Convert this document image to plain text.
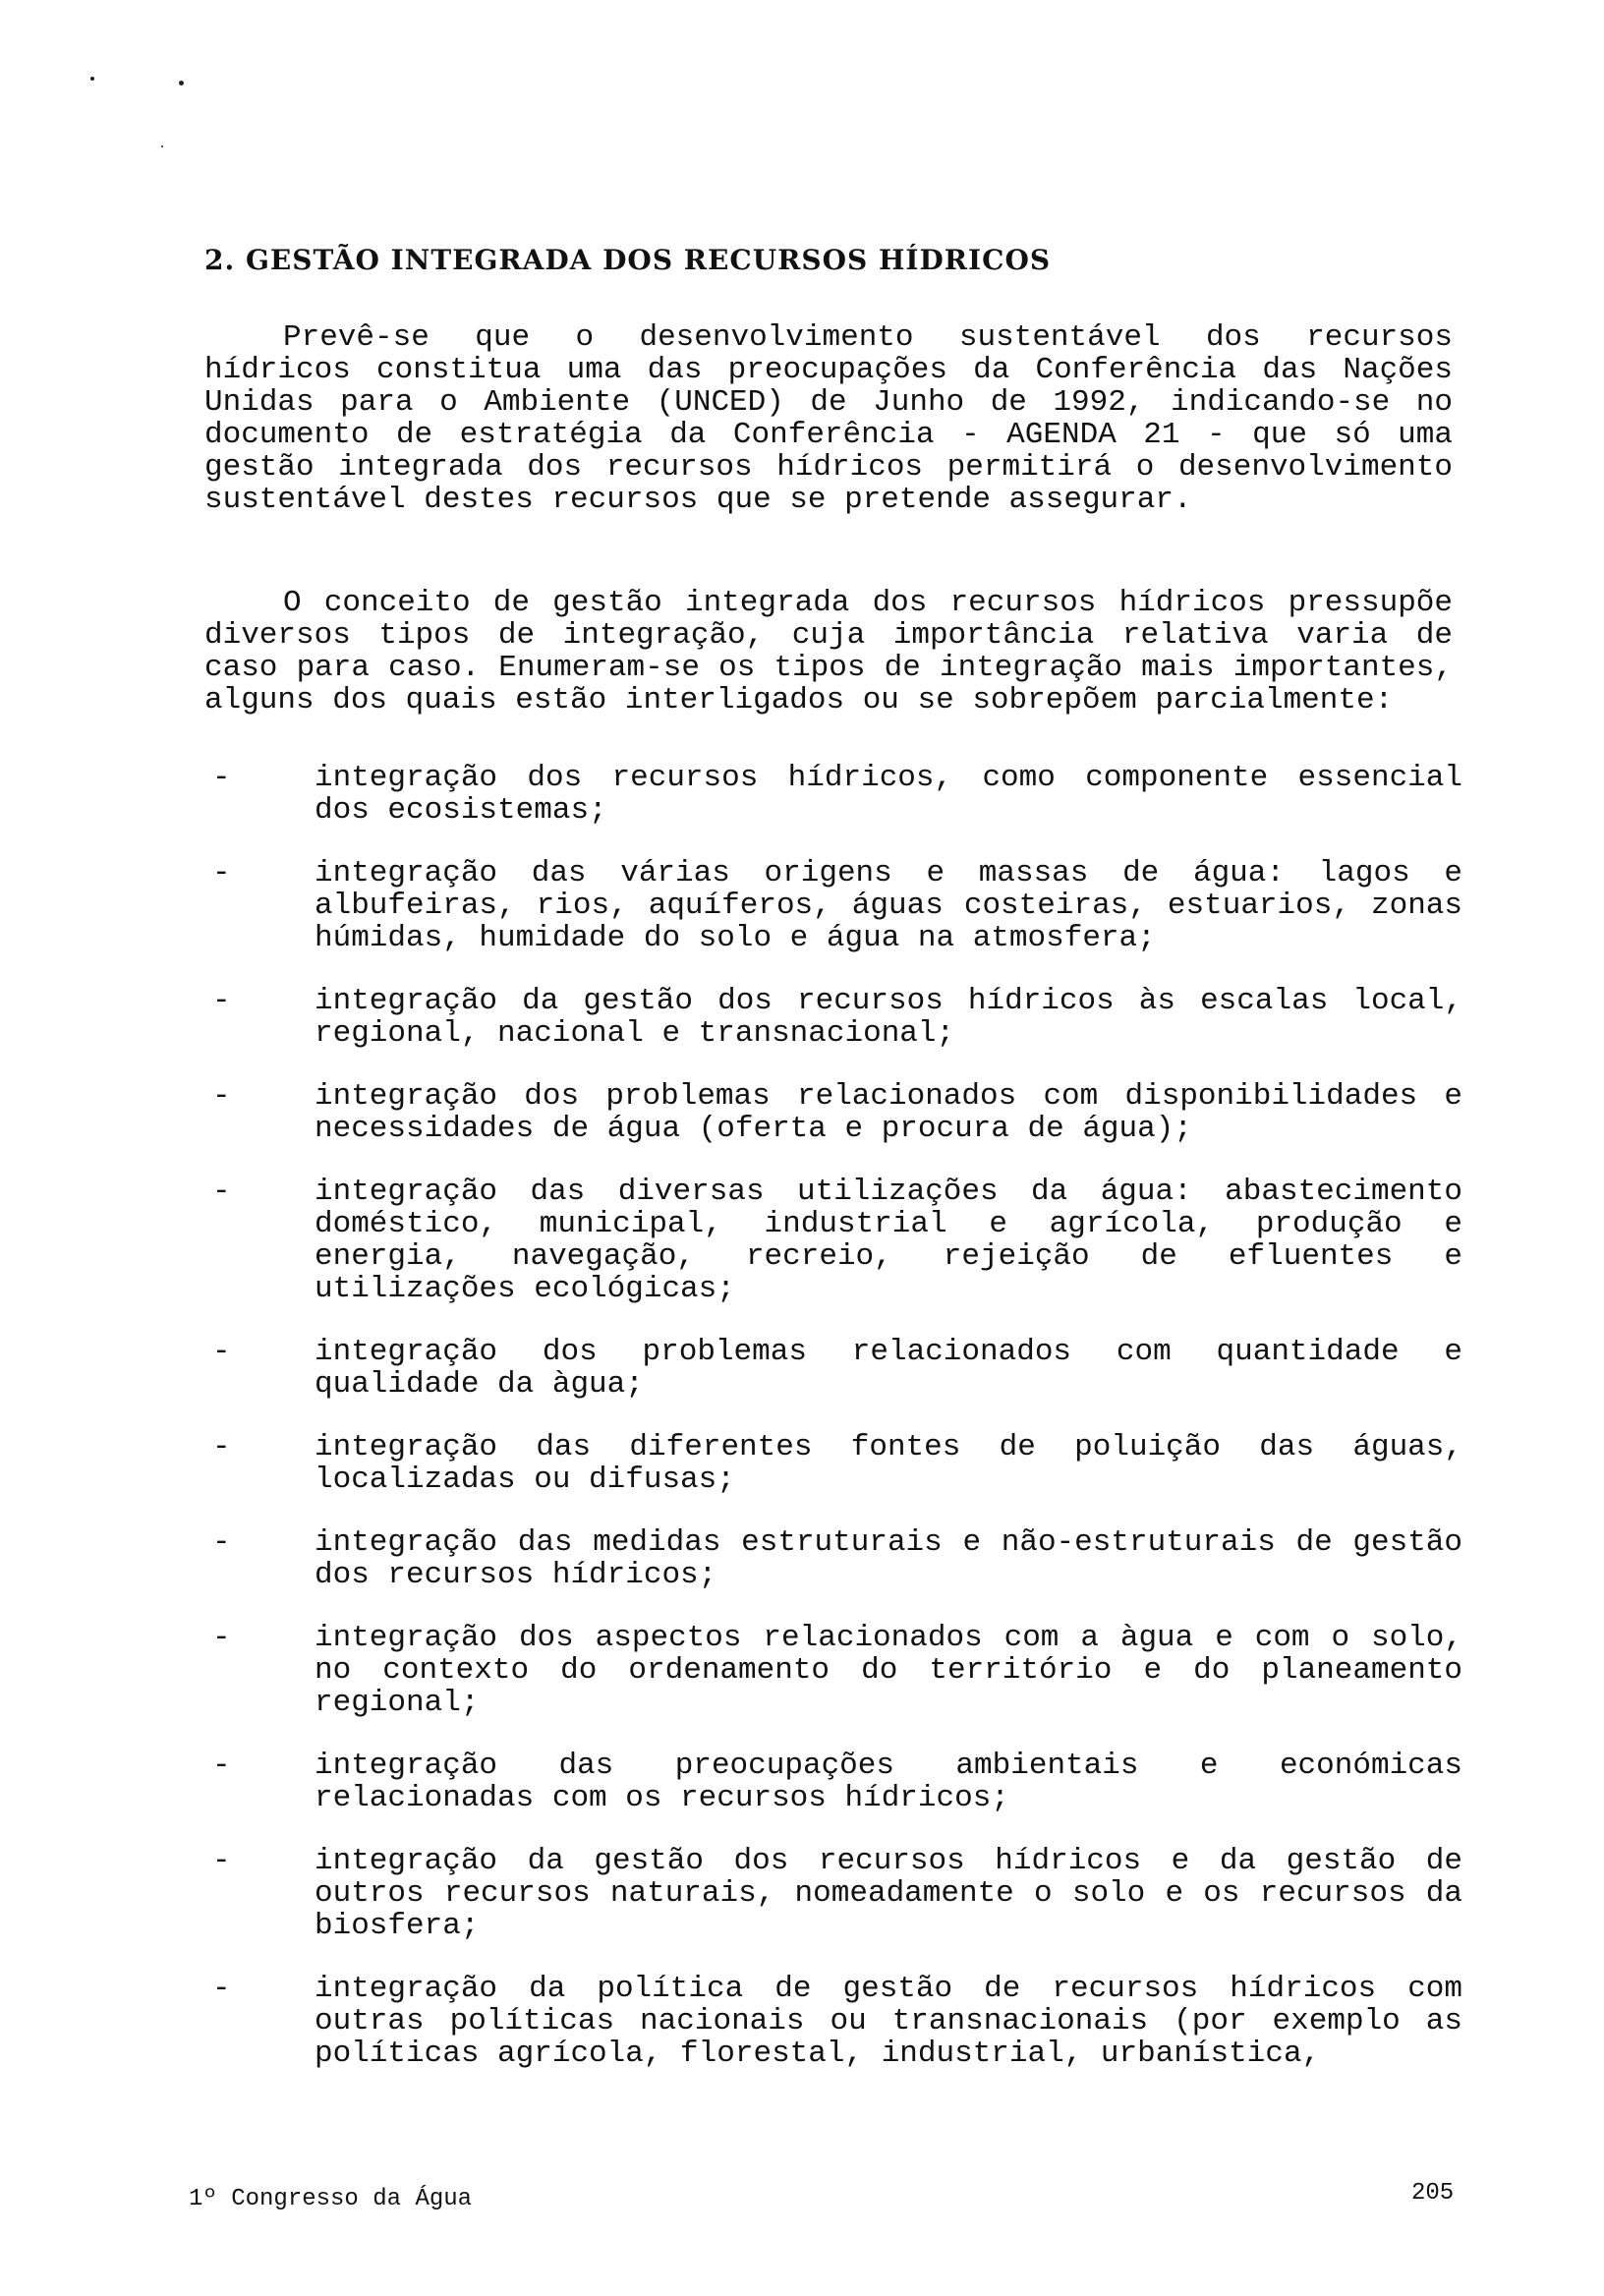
2. GESTÃO INTEGRADA DOS RECURSOS HÍDRICOS

Prevê-se que o desenvolvimento sustentável dos recursos hídricos constitua uma das preocupações da Conferência das Nações Unidas para o Ambiente (UNCED) de Junho de 1992, indicando-se no documento de estratégia da Conferência - AGENDA 21 - que só uma gestão integrada dos recursos hídricos permitirá o desenvolvimento sustentável destes recursos que se pretende assegurar.

O conceito de gestão integrada dos recursos hídricos pressupõe diversos tipos de integração, cuja importância relativa varia de caso para caso. Enumeram-se os tipos de integração mais importantes, alguns dos quais estão interligados ou se sobrepõem parcialmente:

-	integração dos recursos hídricos, como componente essencial dos ecosistemas;
-	integração das várias origens e massas de água: lagos e albufeiras, rios, aquíferos, águas costeiras, estuarios, zonas húmidas, humidade do solo e água na atmosfera;
-	integração da gestão dos recursos hídricos às escalas local, regional, nacional e transnacional;
-	integração dos problemas relacionados com disponibilidades e necessidades de água (oferta e procura de água);
-	integração das diversas utilizações da água: abastecimento doméstico, municipal, industrial e agrícola, produção e energia, navegação, recreio, rejeição de efluentes e utilizações ecológicas;
-	integração dos problemas relacionados com quantidade e qualidade da àgua;
-	integração das diferentes fontes de poluição das águas, localizadas ou difusas;
-	integração das medidas estruturais e não-estruturais de gestão dos recursos hídricos;
-	integração dos aspectos relacionados com a àgua e com o solo, no contexto do ordenamento do território e do planeamento regional;
-	integração das preocupações ambientais e económicas relacionadas com os recursos hídricos;
-	integração da gestão dos recursos hídricos e da gestão de outros recursos naturais, nomeadamente o solo e os recursos da biosfera;
-	integração da política de gestão de recursos hídricos com outras políticas nacionais ou transnacionais (por exemplo as políticas agrícola, florestal, industrial, urbanística,
1º Congresso da Água	205
